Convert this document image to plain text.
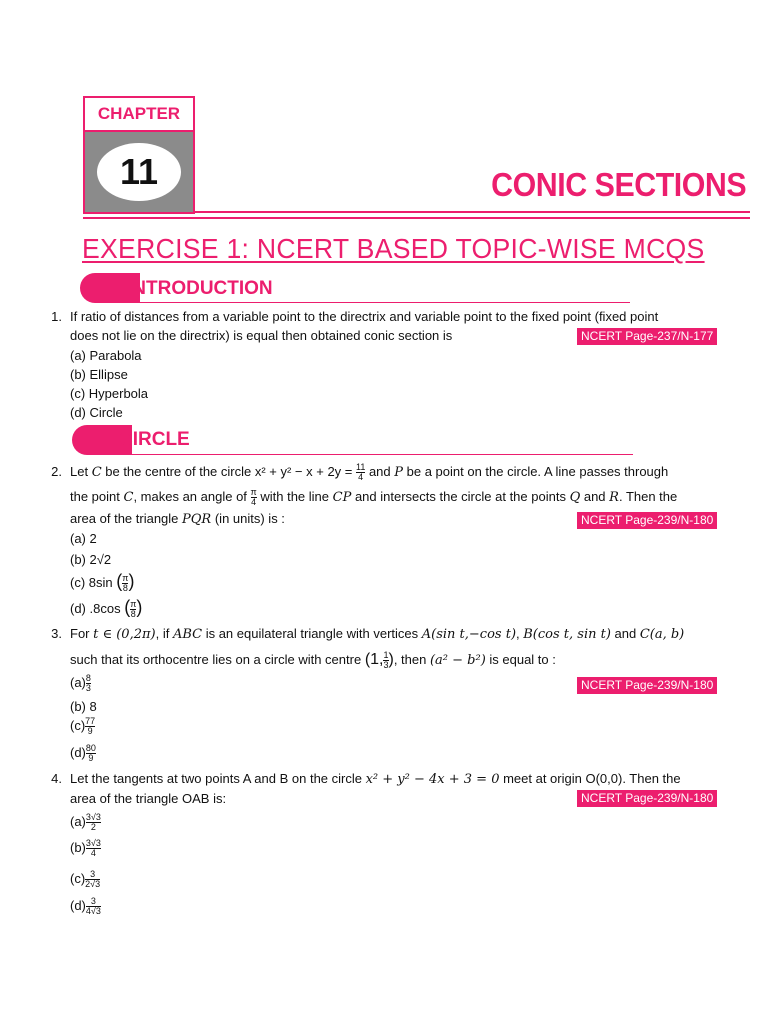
CHAPTER
11	CONIC SECTIONS
EXERCISE 1: NCERT BASED TOPIC-WISE MCQS
INTRODUCTION
1. If ratio of distances from a variable point to the directrix and variable point to the fixed point (fixed point
does not lie on the directrix) is equal then obtained conic section is	NCERT Page-237/N-177
(a) Parabola
(b) Ellipse
(c) Hyperbola
(d) Circle
CIRCLE
2. Let C be the centre of the circle $x^2 + y^2 - x + 2y = \frac{11}{4}$ and P be a point on the circle. A line passes through
the point C, makes an angle of $\frac{\pi}{4}$ with the line CP and intersects the circle at the points Q and R. Then the
area of the triangle PQR (in units) is :	NCERT Page-239/N-180
(a) 2
(b) 2√2
(c) 8sin ( $\frac{\pi}{8}$ )
(d) .8cos ( $\frac{\pi}{8}$ )
3. For t ∈ (0,2π), if ABC is an equilateral triangle with vertices A(sin t,−cos t), B(cos t, sin t) and C(a, b)
such that its orthocentre lies on a circle with centre (1, $\frac{1}{3}$ ), then (a² − b²) is equal to :
NCERT Page-239/N-180
$(a) \frac{8}{3}$
(b) 8
$(c) \frac{77}{9}$
$(d) \frac{80}{9}$
4. Let the tangents at two points A and B on the circle x² + y² − 4x + 3 = 0 meet at origin O(0,0). Then the
area of the triangle OAB is:	NCERT Page-239/N-180
$(a) \frac{3√3}{2}$
$(b) \frac{3√3}{4}$
$(c) \frac{3}{2√3}$
$(d) \frac{3}{4√3}$
